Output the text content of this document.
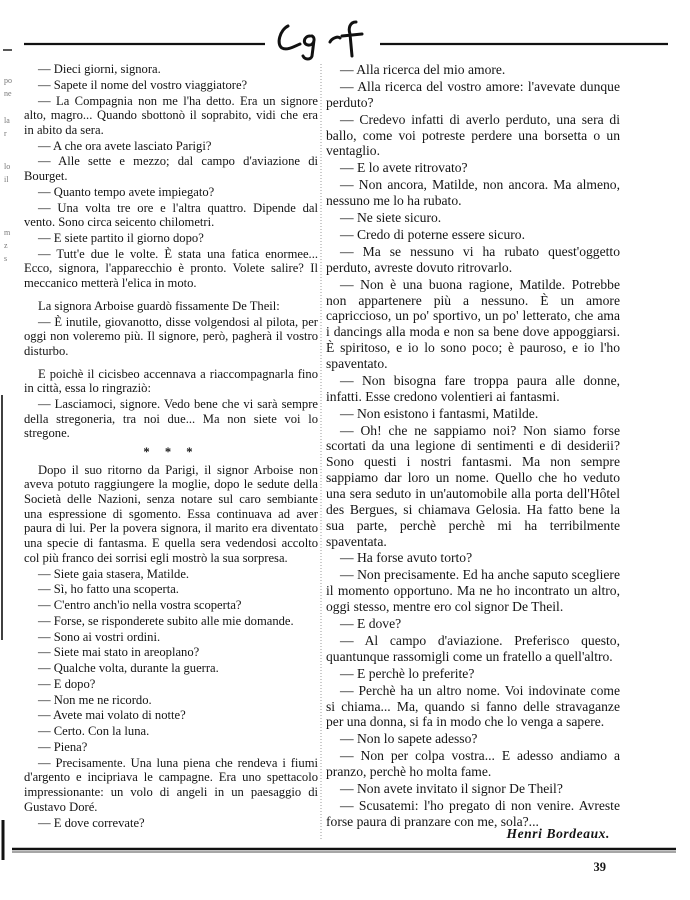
po
ne
la
r
lo
il
m
z
s

— Dieci giorni, signora.

— Sapete il nome del vostro viaggiatore?

— La Compagnia non me l'ha detto. Era un signore alto, magro... Quando sbottonò il soprabito, vidi che era in abito da sera.

— A che ora avete lasciato Parigi?

— Alle sette e mezzo; dal campo d'aviazione di Bourget.

— Quanto tempo avete impiegato?

— Una volta tre ore e l'altra quattro. Dipende dal vento. Sono circa seicento chilometri.

— E siete partito il giorno dopo?

— Tutt'e due le volte. È stata una fatica enormee... Ecco, signora, l'apparecchio è pronto. Volete salire? Il meccanico metterà l'elica in moto.

La signora Arboise guardò fissamente De Theil:

— È inutile, giovanotto, disse volgendosi al pilota, per oggi non voleremo più. Il signore, però, pagherà il vostro disturbo.

E poichè il cicisbeo accennava a riaccompagnarla fino in città, essa lo ringraziò:

— Lasciamoci, signore. Vedo bene che vi sarà sempre della stregoneria, tra noi due... Ma non siete voi lo stregone.

* * *

Dopo il suo ritorno da Parigi, il signor Arboise non aveva potuto raggiungere la moglie, dopo le sedute della Società delle Nazioni, senza notare sul caro sembiante una espressione di sgomento. Essa continuava ad aver paura di lui. Per la povera signora, il marito era diventato una specie di fantasma. E quella sera vedendosi accolto col più franco dei sorrisi egli mostrò la sua sorpresa.

— Siete gaia stasera, Matilde.

— Sì, ho fatto una scoperta.

— C'entro anch'io nella vostra scoperta?

— Forse, se risponderete subito alle mie domande.

— Sono ai vostri ordini.

— Siete mai stato in areoplano?

— Qualche volta, durante la guerra.

— E dopo?

— Non me ne ricordo.

— Avete mai volato di notte?

— Certo. Con la luna.

— Piena?

— Precisamente. Una luna piena che rendeva i fiumi d'argento e incipriava le campagne. Era uno spettacolo impressionante: un volo di angeli in un paesaggio di Gustavo Doré.

— E dove correvate?

— Alla ricerca del mio amore.

— Alla ricerca del vostro amore: l'avevate dunque perduto?

— Credevo infatti di averlo perduto, una sera di ballo, come voi potreste perdere una borsetta o un ventaglio.

— E lo avete ritrovato?

— Non ancora, Matilde, non ancora. Ma almeno, nessuno me lo ha rubato.

— Ne siete sicuro.

— Credo di poterne essere sicuro.

— Ma se nessuno vi ha rubato quest'oggetto perduto, avreste dovuto ritrovarlo.

— Non è una buona ragione, Matilde. Potrebbe non appartenere più a nessuno. È un amore capriccioso, un po' sportivo, un po' letterato, che ama i dancings alla moda e non sa bene dove appoggiarsi. È spiritoso, e io lo sono poco; è pauroso, e io l'ho spaventato.

— Non bisogna fare troppa paura alle donne, infatti. Esse credono volentieri ai fantasmi.

— Non esistono i fantasmi, Matilde.

— Oh! che ne sappiamo noi? Non siamo forse scortati da una legione di sentimenti e di desiderii? Sono questi i nostri fantasmi. Ma non sempre sappiamo dar loro un nome. Quello che ho veduto una sera seduto in un'automobile alla porta dell'Hôtel des Bergues, si chiamava Gelosia. Ha fatto bene la sua parte, perchè perchè mi ha terribilmente spaventata.

— Ha forse avuto torto?

— Non precisamente. Ed ha anche saputo scegliere il momento opportuno. Ma ne ho incontrato un altro, oggi stesso, mentre ero col signor De Theil.

— E dove?

— Al campo d'aviazione. Preferisco questo, quantunque rassomigli come un fratello a quell'altro.

— E perchè lo preferite?

— Perchè ha un altro nome. Voi indovinate come si chiama... Ma, quando si fanno delle stravaganze per una donna, si fa in modo che lo venga a sapere.

— Non lo sapete adesso?

— Non per colpa vostra... E adesso andiamo a pranzo, perchè ho molta fame.

— Non avete invitato il signor De Theil?

— Scusatemi: l'ho pregato di non venire. Avreste forse paura di pranzare con me, sola?...

Henri Bordeaux.
39
